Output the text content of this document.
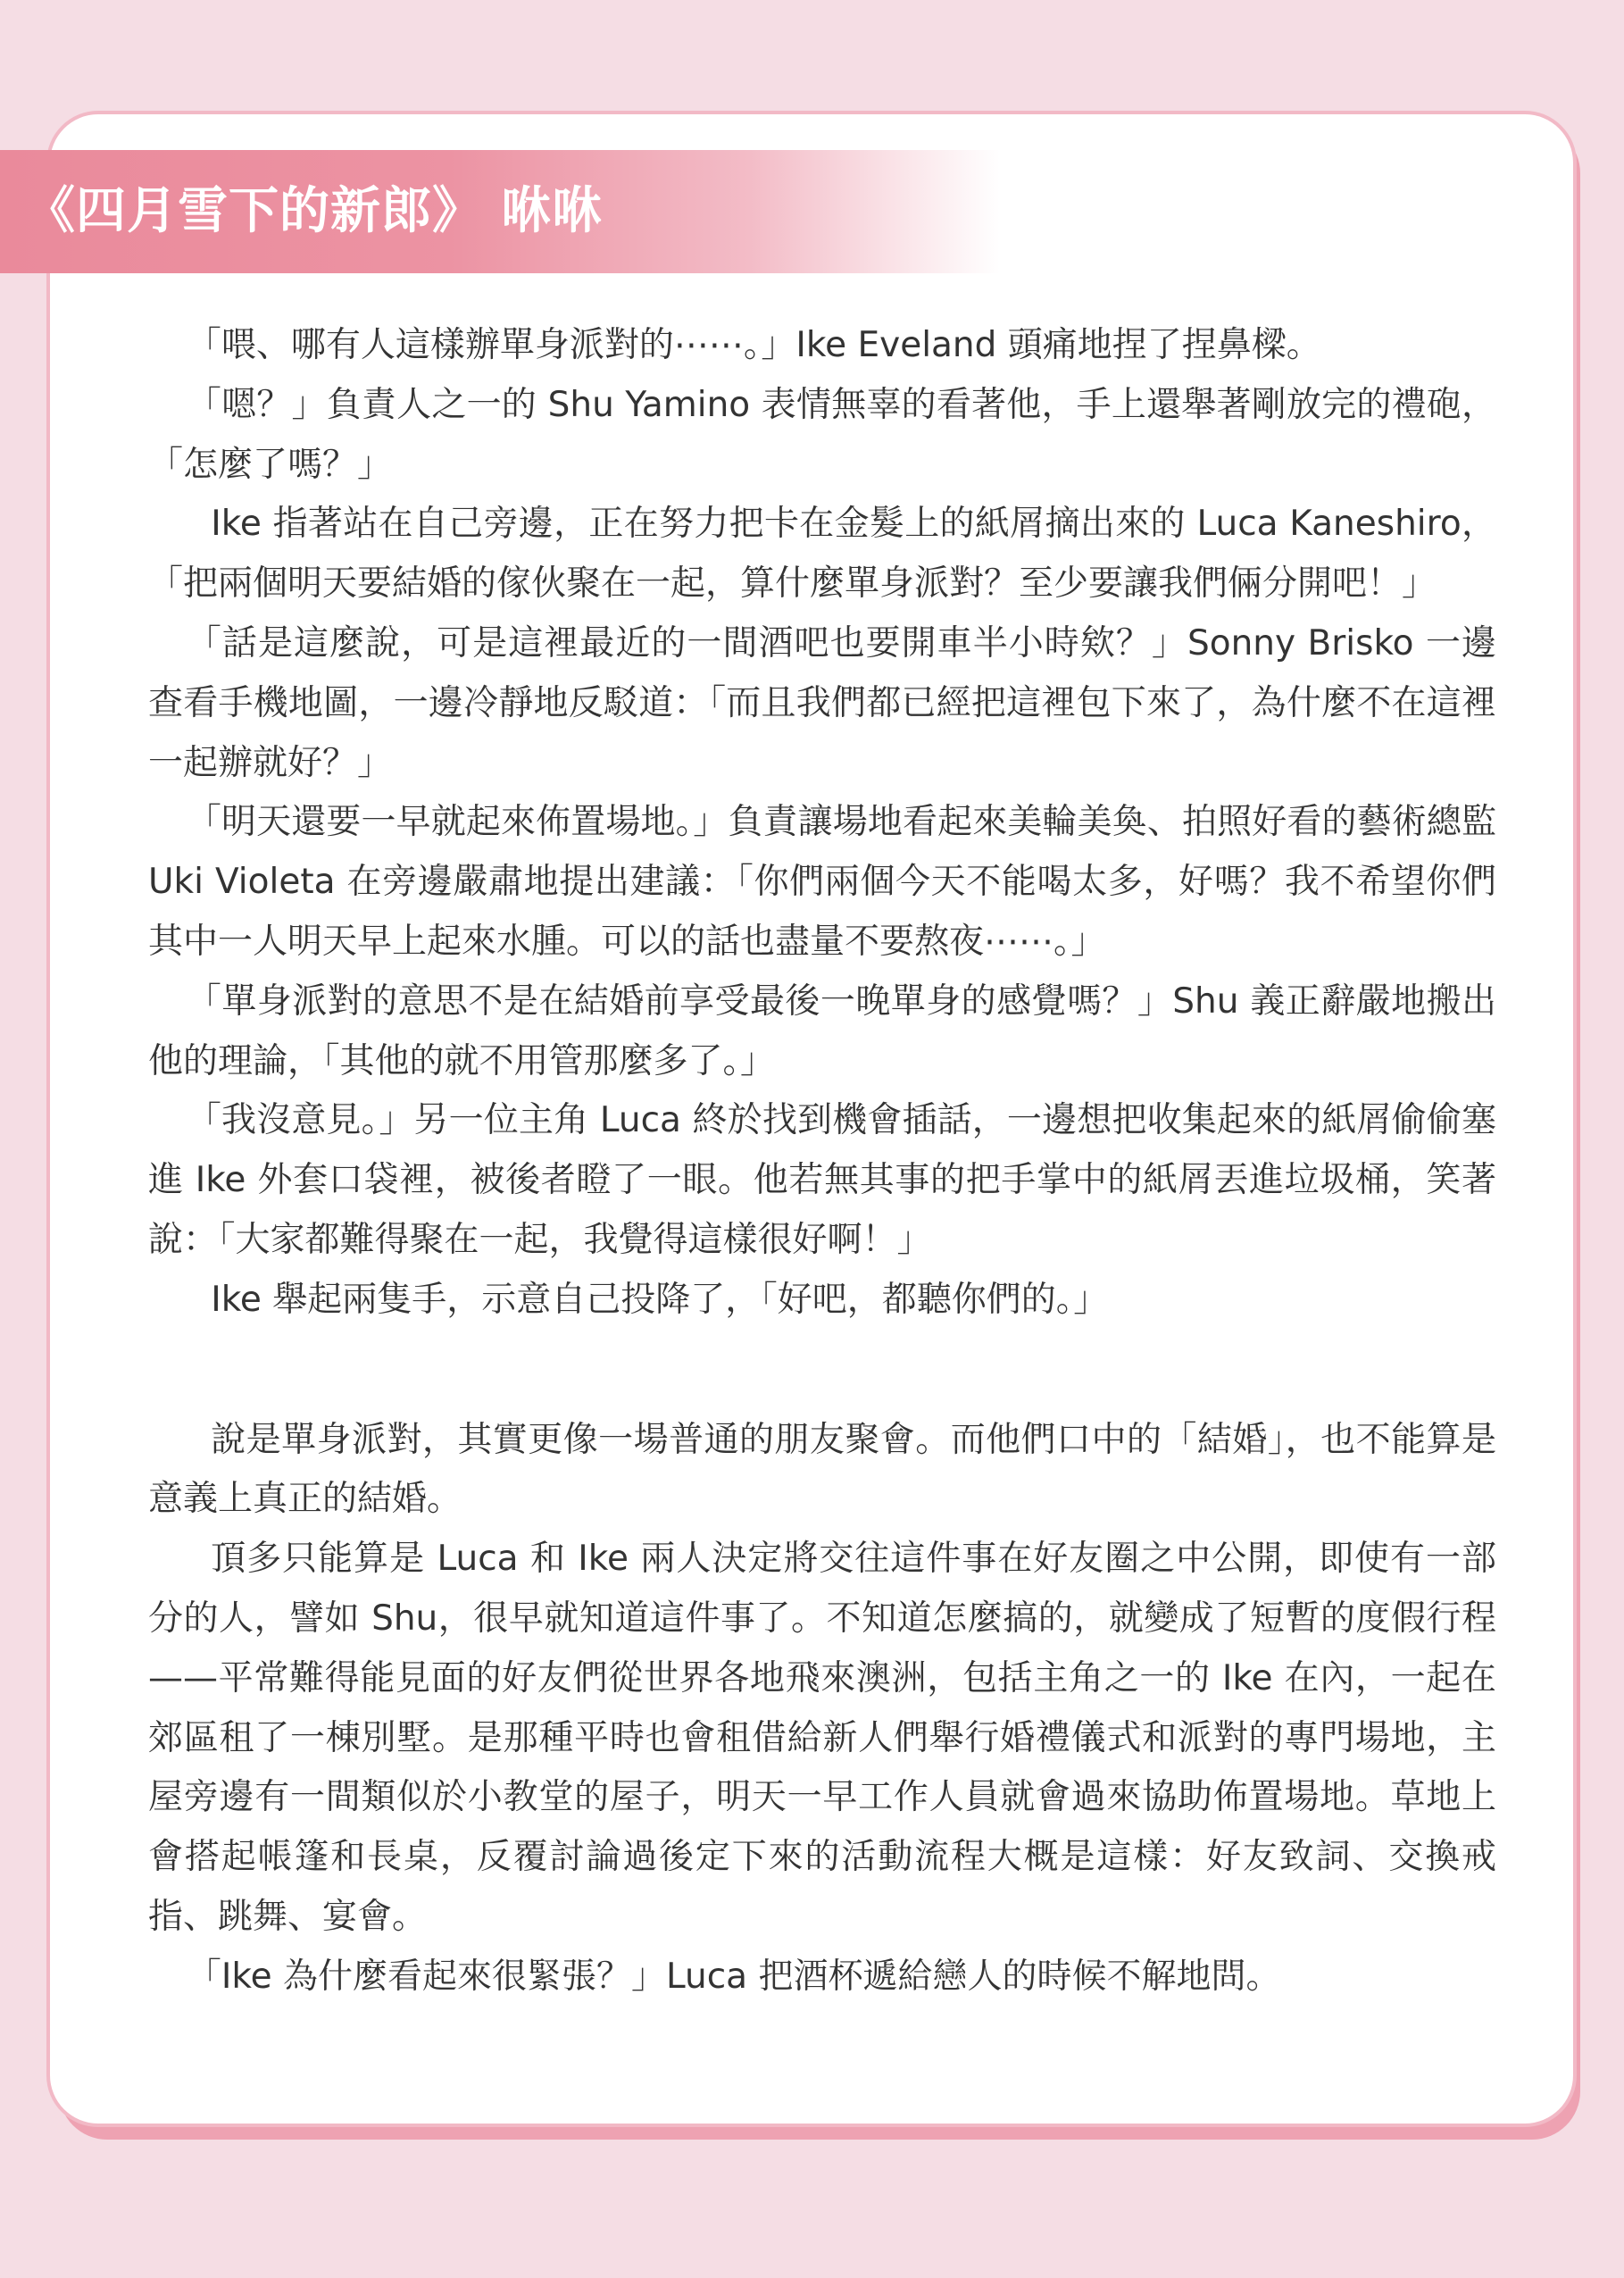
《四月雪下的新郎》 咻咻

「喂、哪有人這樣辦單身派對的⋯⋯。」Ike Eveland 頭痛地捏了捏鼻樑。

「嗯？」負責人之一的 Shu Yamino 表情無辜的看著他，手上還舉著剛放完的禮砲，「怎麼了嗎？」

Ike 指著站在自己旁邊，正在努力把卡在金髮上的紙屑摘出來的 Luca Kaneshiro，「把兩個明天要結婚的傢伙聚在一起，算什麼單身派對？至少要讓我們倆分開吧！」

「話是這麼說，可是這裡最近的一間酒吧也要開車半小時欸？」Sonny Brisko 一邊查看手機地圖，一邊冷靜地反駁道：「而且我們都已經把這裡包下來了，為什麼不在這裡一起辦就好？」

「明天還要一早就起來佈置場地。」負責讓場地看起來美輪美奐、拍照好看的藝術總監 Uki Violeta 在旁邊嚴肅地提出建議：「你們兩個今天不能喝太多，好嗎？我不希望你們其中一人明天早上起來水腫。可以的話也盡量不要熬夜⋯⋯。」

「單身派對的意思不是在結婚前享受最後一晚單身的感覺嗎？」Shu 義正辭嚴地搬出他的理論，「其他的就不用管那麼多了。」

「我沒意見。」另一位主角 Luca 終於找到機會插話，一邊想把收集起來的紙屑偷偷塞進 Ike 外套口袋裡，被後者瞪了一眼。他若無其事的把手掌中的紙屑丟進垃圾桶，笑著說：「大家都難得聚在一起，我覺得這樣很好啊！」

Ike 舉起兩隻手，示意自己投降了，「好吧，都聽你們的。」

說是單身派對，其實更像一場普通的朋友聚會。而他們口中的「結婚」，也不能算是意義上真正的結婚。

頂多只能算是 Luca 和 Ike 兩人決定將交往這件事在好友圈之中公開，即使有一部分的人，譬如 Shu，很早就知道這件事了。不知道怎麼搞的，就變成了短暫的度假行程——平常難得能見面的好友們從世界各地飛來澳洲，包括主角之一的 Ike 在內，一起在郊區租了一棟別墅。是那種平時也會租借給新人們舉行婚禮儀式和派對的專門場地，主屋旁邊有一間類似於小教堂的屋子，明天一早工作人員就會過來協助佈置場地。草地上會搭起帳篷和長桌，反覆討論過後定下來的活動流程大概是這樣：好友致詞、交換戒指、跳舞、宴會。

「Ike 為什麼看起來很緊張？」Luca 把酒杯遞給戀人的時候不解地問。
